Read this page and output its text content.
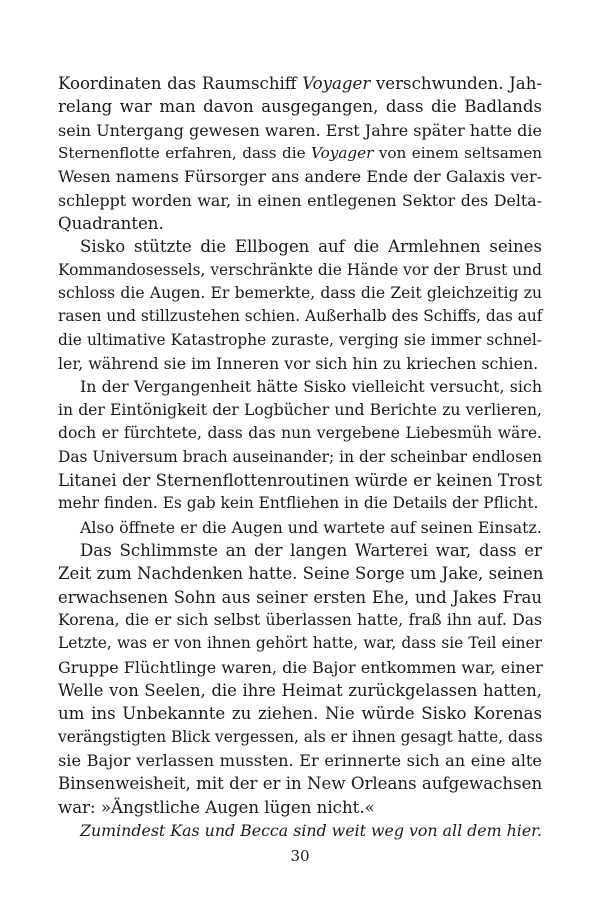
Koordinaten das Raumschiff Voyager verschwunden. Jah-
relang war man davon ausgegangen, dass die Badlands
sein Untergang gewesen waren. Erst Jahre später hatte die
Sternenflotte erfahren, dass die Voyager von einem seltsamen
Wesen namens Fürsorger ans andere Ende der Galaxis ver-
schleppt worden war, in einen entlegenen Sektor des Delta-
Quadranten.
Sisko stützte die Ellbogen auf die Armlehnen seines
Kommandosessels, verschränkte die Hände vor der Brust und
schloss die Augen. Er bemerkte, dass die Zeit gleichzeitig zu
rasen und stillzustehen schien. Außerhalb des Schiffs, das auf
die ultimative Katastrophe zuraste, verging sie immer schnel-
ler, während sie im Inneren vor sich hin zu kriechen schien.
In der Vergangenheit hätte Sisko vielleicht versucht, sich
in der Eintönigkeit der Logbücher und Berichte zu verlieren,
doch er fürchtete, dass das nun vergebene Liebesmüh wäre.
Das Universum brach auseinander; in der scheinbar endlosen
Litanei der Sternenflottenroutinen würde er keinen Trost
mehr finden. Es gab kein Entfliehen in die Details der Pflicht.
Also öffnete er die Augen und wartete auf seinen Einsatz.
Das Schlimmste an der langen Warterei war, dass er
Zeit zum Nachdenken hatte. Seine Sorge um Jake, seinen
erwachsenen Sohn aus seiner ersten Ehe, und Jakes Frau
Korena, die er sich selbst überlassen hatte, fraß ihn auf. Das
Letzte, was er von ihnen gehört hatte, war, dass sie Teil einer
Gruppe Flüchtlinge waren, die Bajor entkommen war, einer
Welle von Seelen, die ihre Heimat zurückgelassen hatten,
um ins Unbekannte zu ziehen. Nie würde Sisko Korenas
verängstigten Blick vergessen, als er ihnen gesagt hatte, dass
sie Bajor verlassen mussten. Er erinnerte sich an eine alte
Binsenweisheit, mit der er in New Orleans aufgewachsen
war: »Ängstliche Augen lügen nicht.«
Zumindest Kas und Becca sind weit weg von all dem hier.
30
